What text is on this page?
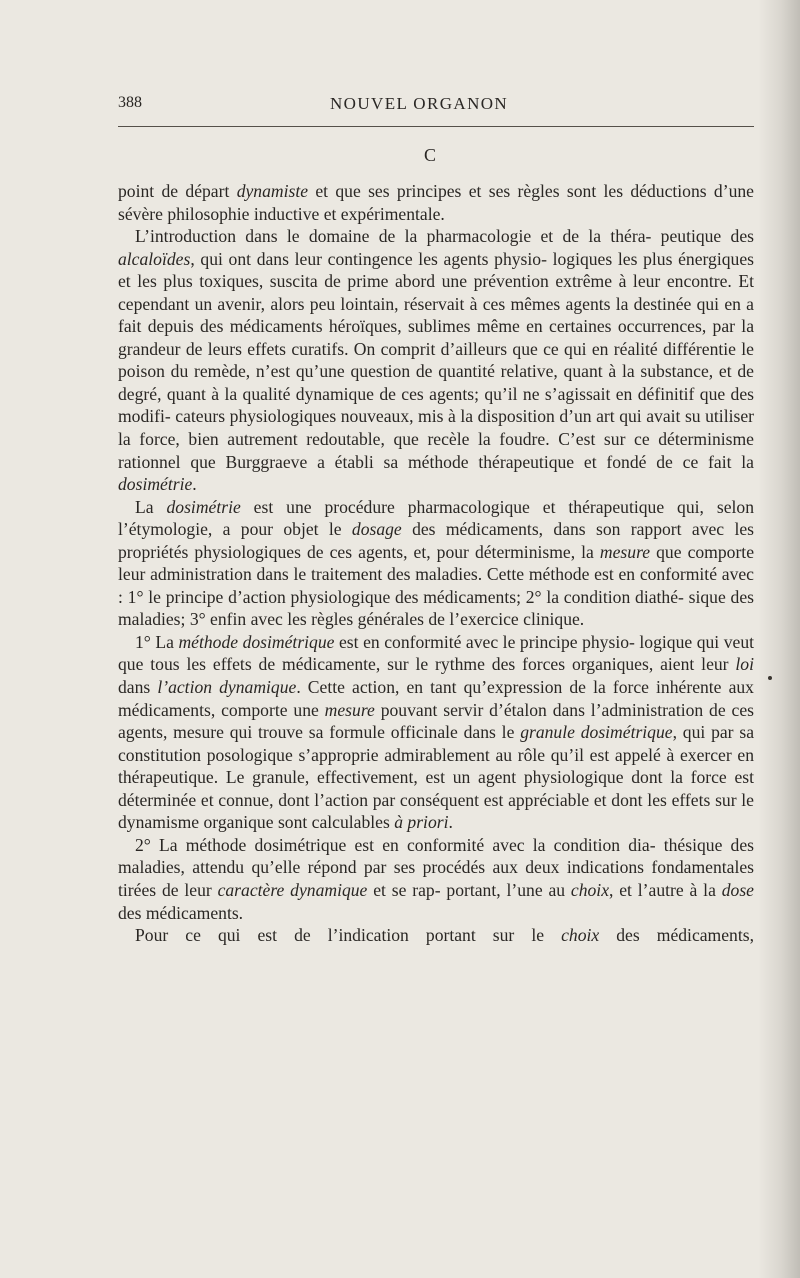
388	NOUVEL ORGANON
C

point de départ dynamiste et que ses principes et ses règles sont les déductions d’une sévère philosophie inductive et expérimentale.

L’introduction dans le domaine de la pharmacologie et de la théra- peutique des alcaloïdes, qui ont dans leur contingence les agents physio- logiques les plus énergiques et les plus toxiques, suscita de prime abord une prévention extrême à leur encontre. Et cependant un avenir, alors peu lointain, réservait à ces mêmes agents la destinée qui en a fait depuis des médicaments héroïques, sublimes même en certaines occurrences, par la grandeur de leurs effets curatifs. On comprit d’ailleurs que ce qui en réalité différentie le poison du remède, n’est qu’une question de quantité relative, quant à la substance, et de degré, quant à la qualité dynamique de ces agents; qu’il ne s’agissait en définitif que des modifi- cateurs physiologiques nouveaux, mis à la disposition d’un art qui avait su utiliser la force, bien autrement redoutable, que recèle la foudre. C’est sur ce déterminisme rationnel que Burggraeve a établi sa méthode thérapeutique et fondé de ce fait la dosimétrie.

La dosimétrie est une procédure pharmacologique et thérapeutique qui, selon l’étymologie, a pour objet le dosage des médicaments, dans son rapport avec les propriétés physiologiques de ces agents, et, pour déterminisme, la mesure que comporte leur administration dans le traitement des maladies. Cette méthode est en conformité avec : 1° le principe d’action physiologique des médicaments; 2° la condition diathé- sique des maladies; 3° enfin avec les règles générales de l’exercice clinique.

1° La méthode dosimétrique est en conformité avec le principe physio- logique qui veut que tous les effets de médicamente, sur le rythme des forces organiques, aient leur loi dans l’action dynamique. Cette action, en tant qu’expression de la force inhérente aux médicaments, comporte une mesure pouvant servir d’étalon dans l’administration de ces agents, mesure qui trouve sa formule officinale dans le granule dosimétrique, qui par sa constitution posologique s’approprie admirablement au rôle qu’il est appelé à exercer en thérapeutique. Le granule, effectivement, est un agent physiologique dont la force est déterminée et connue, dont l’action par conséquent est appréciable et dont les effets sur le dynamisme organique sont calculables à priori.

2° La méthode dosimétrique est en conformité avec la condition dia- thésique des maladies, attendu qu’elle répond par ses procédés aux deux indications fondamentales tirées de leur caractère dynamique et se rap- portant, l’une au choix, et l’autre à la dose des médicaments.

Pour ce qui est de l’indication portant sur le choix des médicaments,
